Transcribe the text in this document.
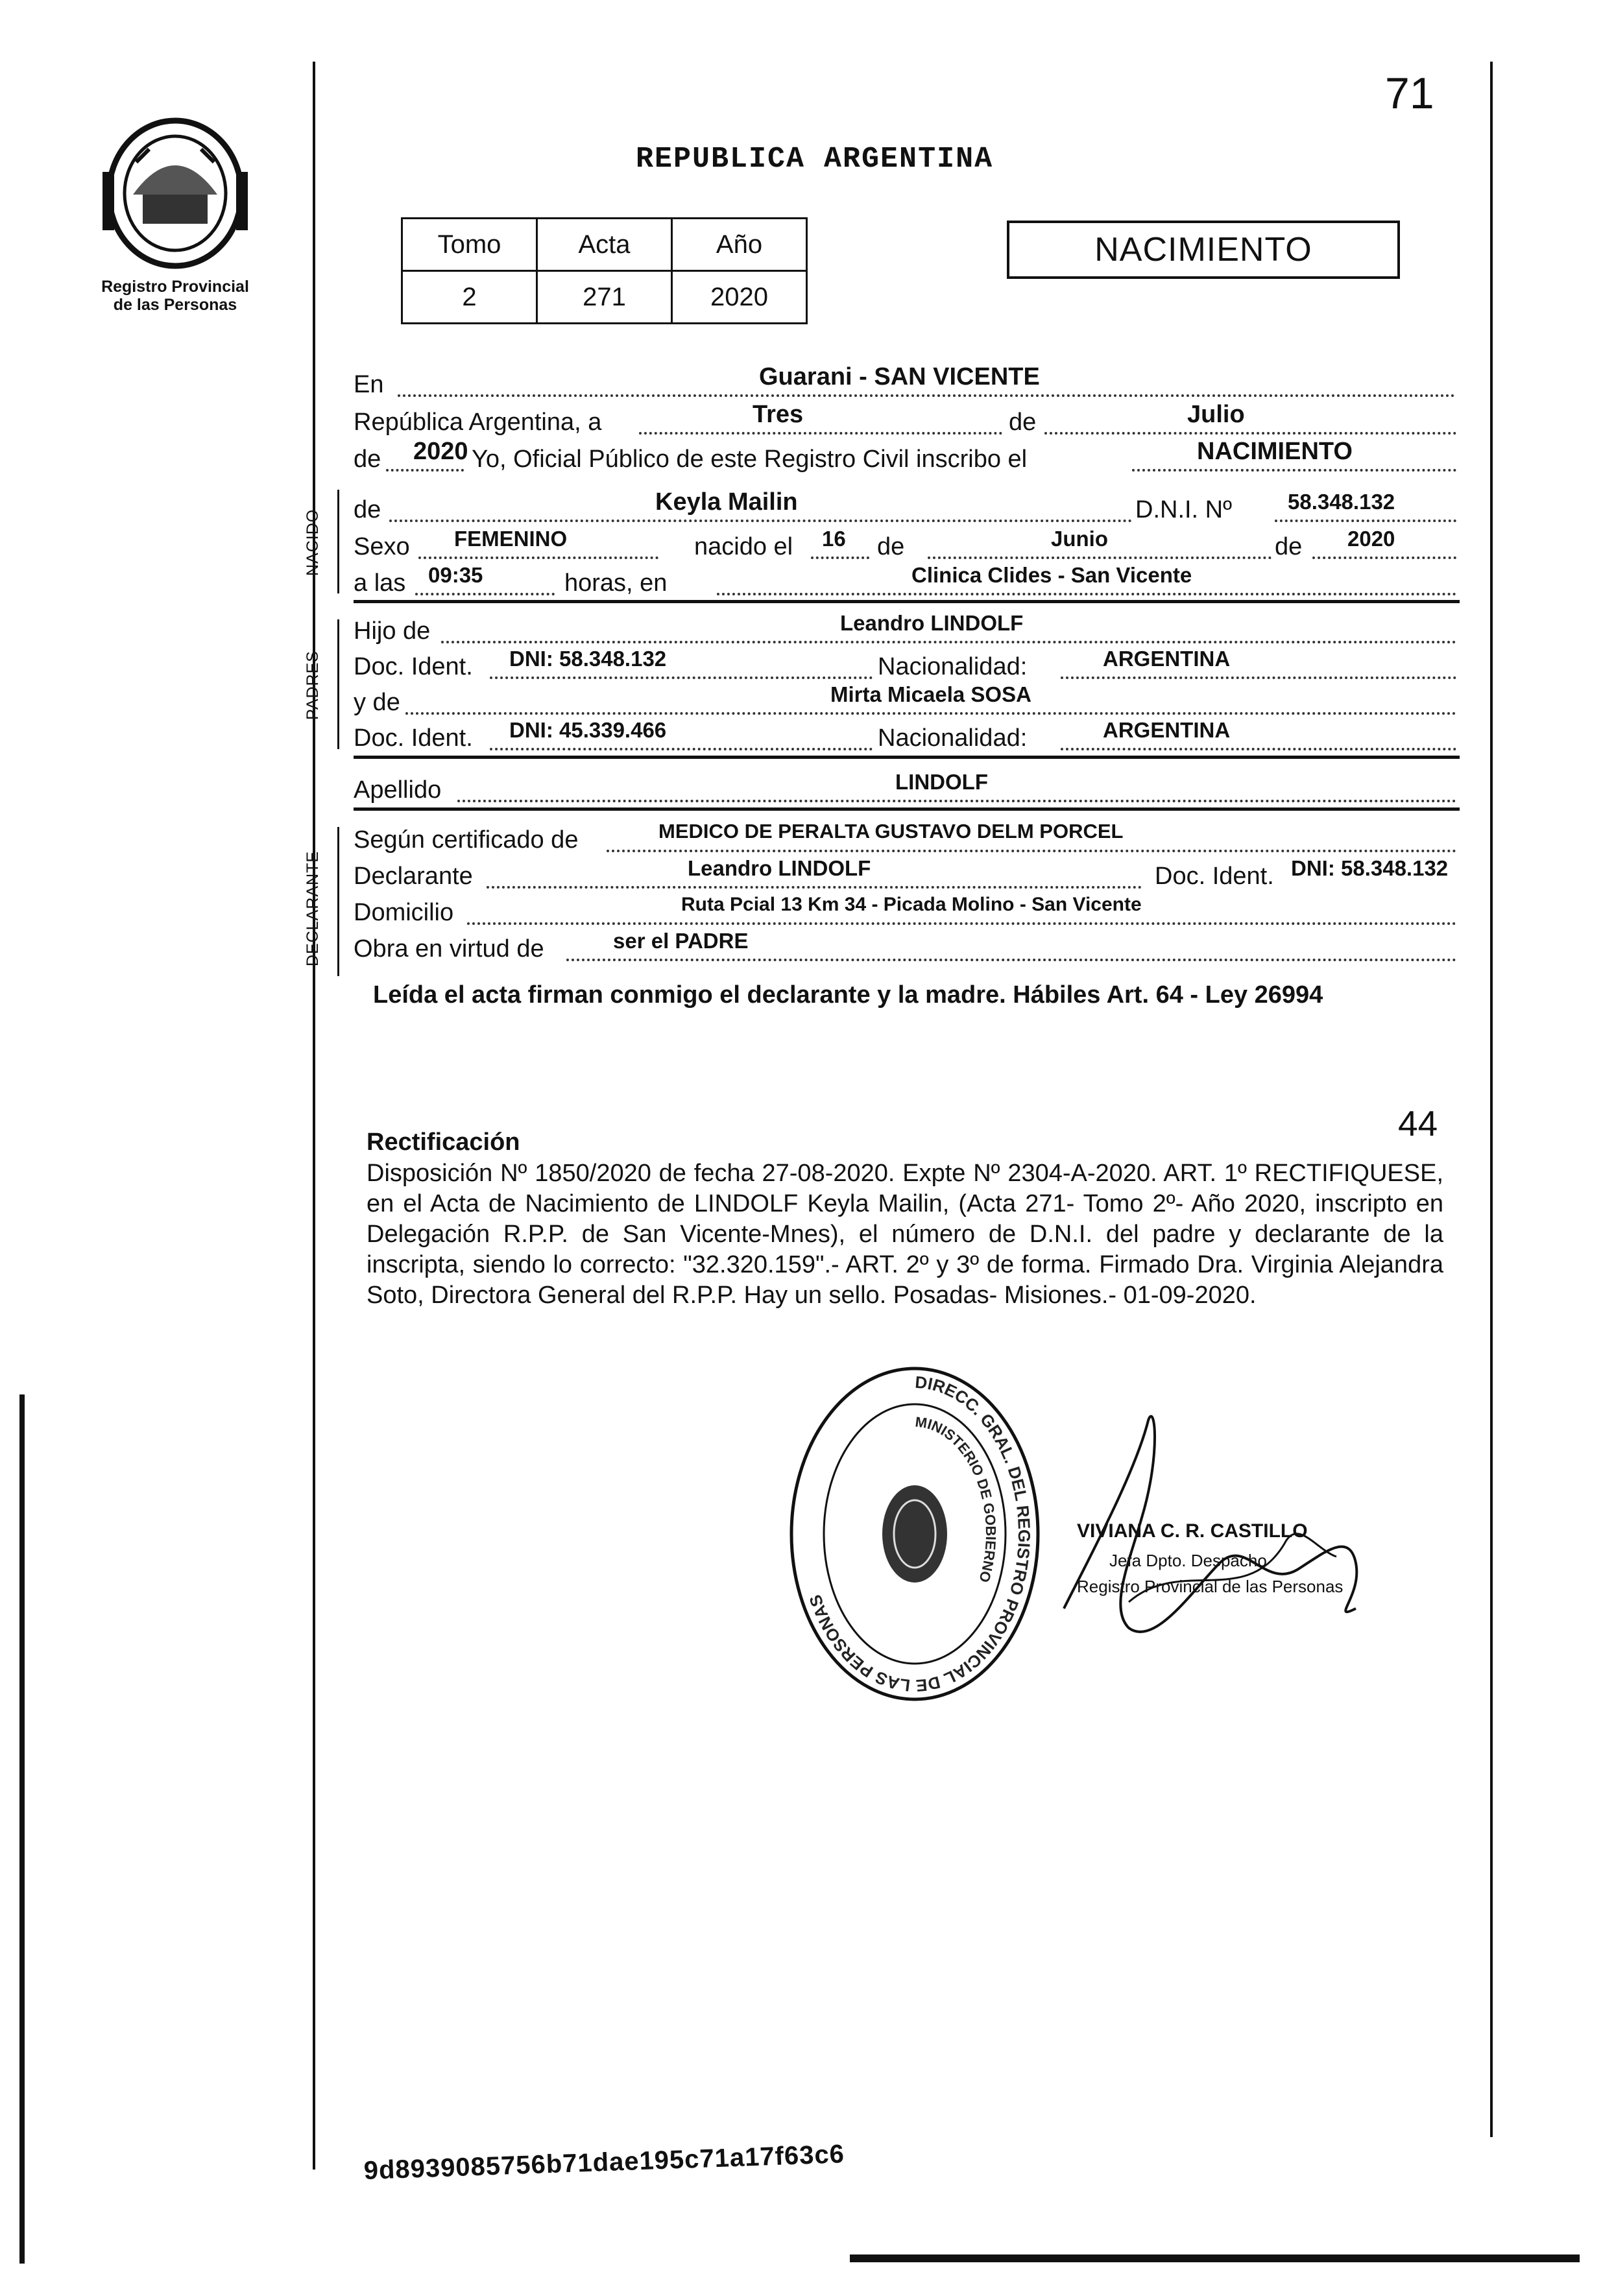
Registro Provincial
de las Personas
71
REPUBLICA ARGENTINA
Tomo	Acta	Año
2	271	2020
NACIMIENTO
En	Guarani - SAN VICENTE
República Argentina, a	Tres	de	Julio
de 2020 Yo, Oficial Público de este Registro Civil inscribo el	NACIMIENTO
NACIDO de	Keyla Mailin	D.N.I. Nº	58.348.132
Sexo FEMENINO	nacido el 16 de	Junio	de 2020
a las 09:35	horas, en	Clinica Clides - San Vicente
PADRES
Hijo de	Leandro LINDOLF
Doc. Ident. DNI: 58.348.132	Nacionalidad:	ARGENTINA
y de	Mirta Micaela SOSA
Doc. Ident. DNI: 45.339.466	Nacionalidad:	ARGENTINA
Apellido	LINDOLF
DECLARANTE
Según certificado de	MEDICO DE PERALTA GUSTAVO DELM PORCEL
Declarante	Leandro LINDOLF	Doc. Ident. DNI: 58.348.132
Domicilio	Ruta Pcial 13 Km 34 - Picada Molino - San Vicente
Obra en virtud de	ser el PADRE
Leída el acta firman conmigo el declarante y la madre. Hábiles Art. 64 - Ley 26994
44
Rectificación
Disposición Nº 1850/2020 de fecha 27-08-2020. Expte Nº 2304-A-2020. ART. 1º RECTIFIQUESE, en el Acta de Nacimiento de LINDOLF Keyla Mailin, (Acta 271- Tomo 2º- Año 2020, inscripto en Delegación R.P.P. de San Vicente-Mnes), el número de D.N.I. del padre y declarante de la inscripta, siendo lo correcto: "32.320.159".- ART. 2º y 3º de forma. Firmado Dra. Virginia Alejandra Soto, Directora General del R.P.P. Hay un sello. Posadas- Misiones.- 01-09-2020.
DIRECC. GRAL. DEL REGISTRO PROVINCIAL DE LAS PERSONAS
MINISTERIO DE GOBIERNO
VIVIANA C. R. CASTILLO
Jefa Dpto. Despacho
Registro Provincial de las Personas
9d8939085756b71dae195c71a17f63c6
